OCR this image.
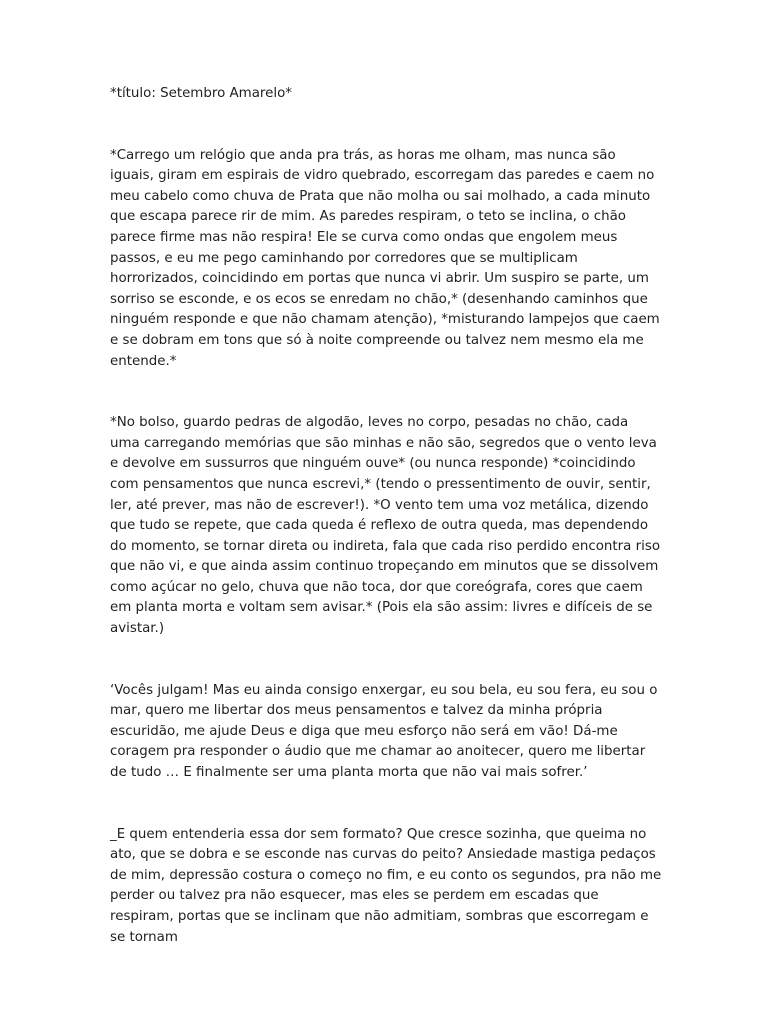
*título: Setembro Amarelo*

*Carrego um relógio que anda pra trás, as horas me olham, mas nunca são iguais, giram em espirais de vidro quebrado, escorregam das paredes e caem no meu cabelo como chuva de Prata que não molha ou sai molhado, a cada minuto que escapa parece rir de mim. As paredes respiram, o teto se inclina, o chão parece firme mas não respira! Ele se curva como ondas que engolem meus passos, e eu me pego caminhando por corredores que se multiplicam horrorizados, coincidindo em portas que nunca vi abrir. Um suspiro se parte, um sorriso se esconde, e os ecos se enredam no chão,* (desenhando caminhos que ninguém responde e que não chamam atenção), *misturando lampejos que caem e se dobram em tons que só à noite compreende ou talvez nem mesmo ela me entende.*

*No bolso, guardo pedras de algodão, leves no corpo, pesadas no chão, cada uma carregando memórias que são minhas e não são, segredos que o vento leva e devolve em sussurros que ninguém ouve* (ou nunca responde) *coincidindo com pensamentos que nunca escrevi,* (tendo o pressentimento de ouvir, sentir, ler, até prever, mas não de escrever!). *O vento tem uma voz metálica, dizendo que tudo se repete, que cada queda é reflexo de outra queda, mas dependendo do momento, se tornar direta ou indireta, fala que cada riso perdido encontra riso que não vi, e que ainda assim continuo tropeçando em minutos que se dissolvem como açúcar no gelo, chuva que não toca, dor que coreógrafa, cores que caem em planta morta e voltam sem avisar.* (Pois ela são assim: livres e difíceis de se avistar.)

‘Vocês julgam! Mas eu ainda consigo enxergar, eu sou bela, eu sou fera, eu sou o mar, quero me libertar dos meus pensamentos e talvez da minha própria escuridão, me ajude Deus e diga que meu esforço não será em vão! Dá-me coragem pra responder o áudio que me chamar ao anoitecer, quero me libertar de tudo … E finalmente ser uma planta morta que não vai mais sofrer.’

_E quem entenderia essa dor sem formato? Que cresce sozinha, que queima no ato, que se dobra e se esconde nas curvas do peito? Ansiedade mastiga pedaços de mim, depressão costura o começo no fim, e eu conto os segundos, pra não me perder ou talvez pra não esquecer, mas eles se perdem em escadas que respiram, portas que se inclinam que não admitiam, sombras que escorregam e se tornam
